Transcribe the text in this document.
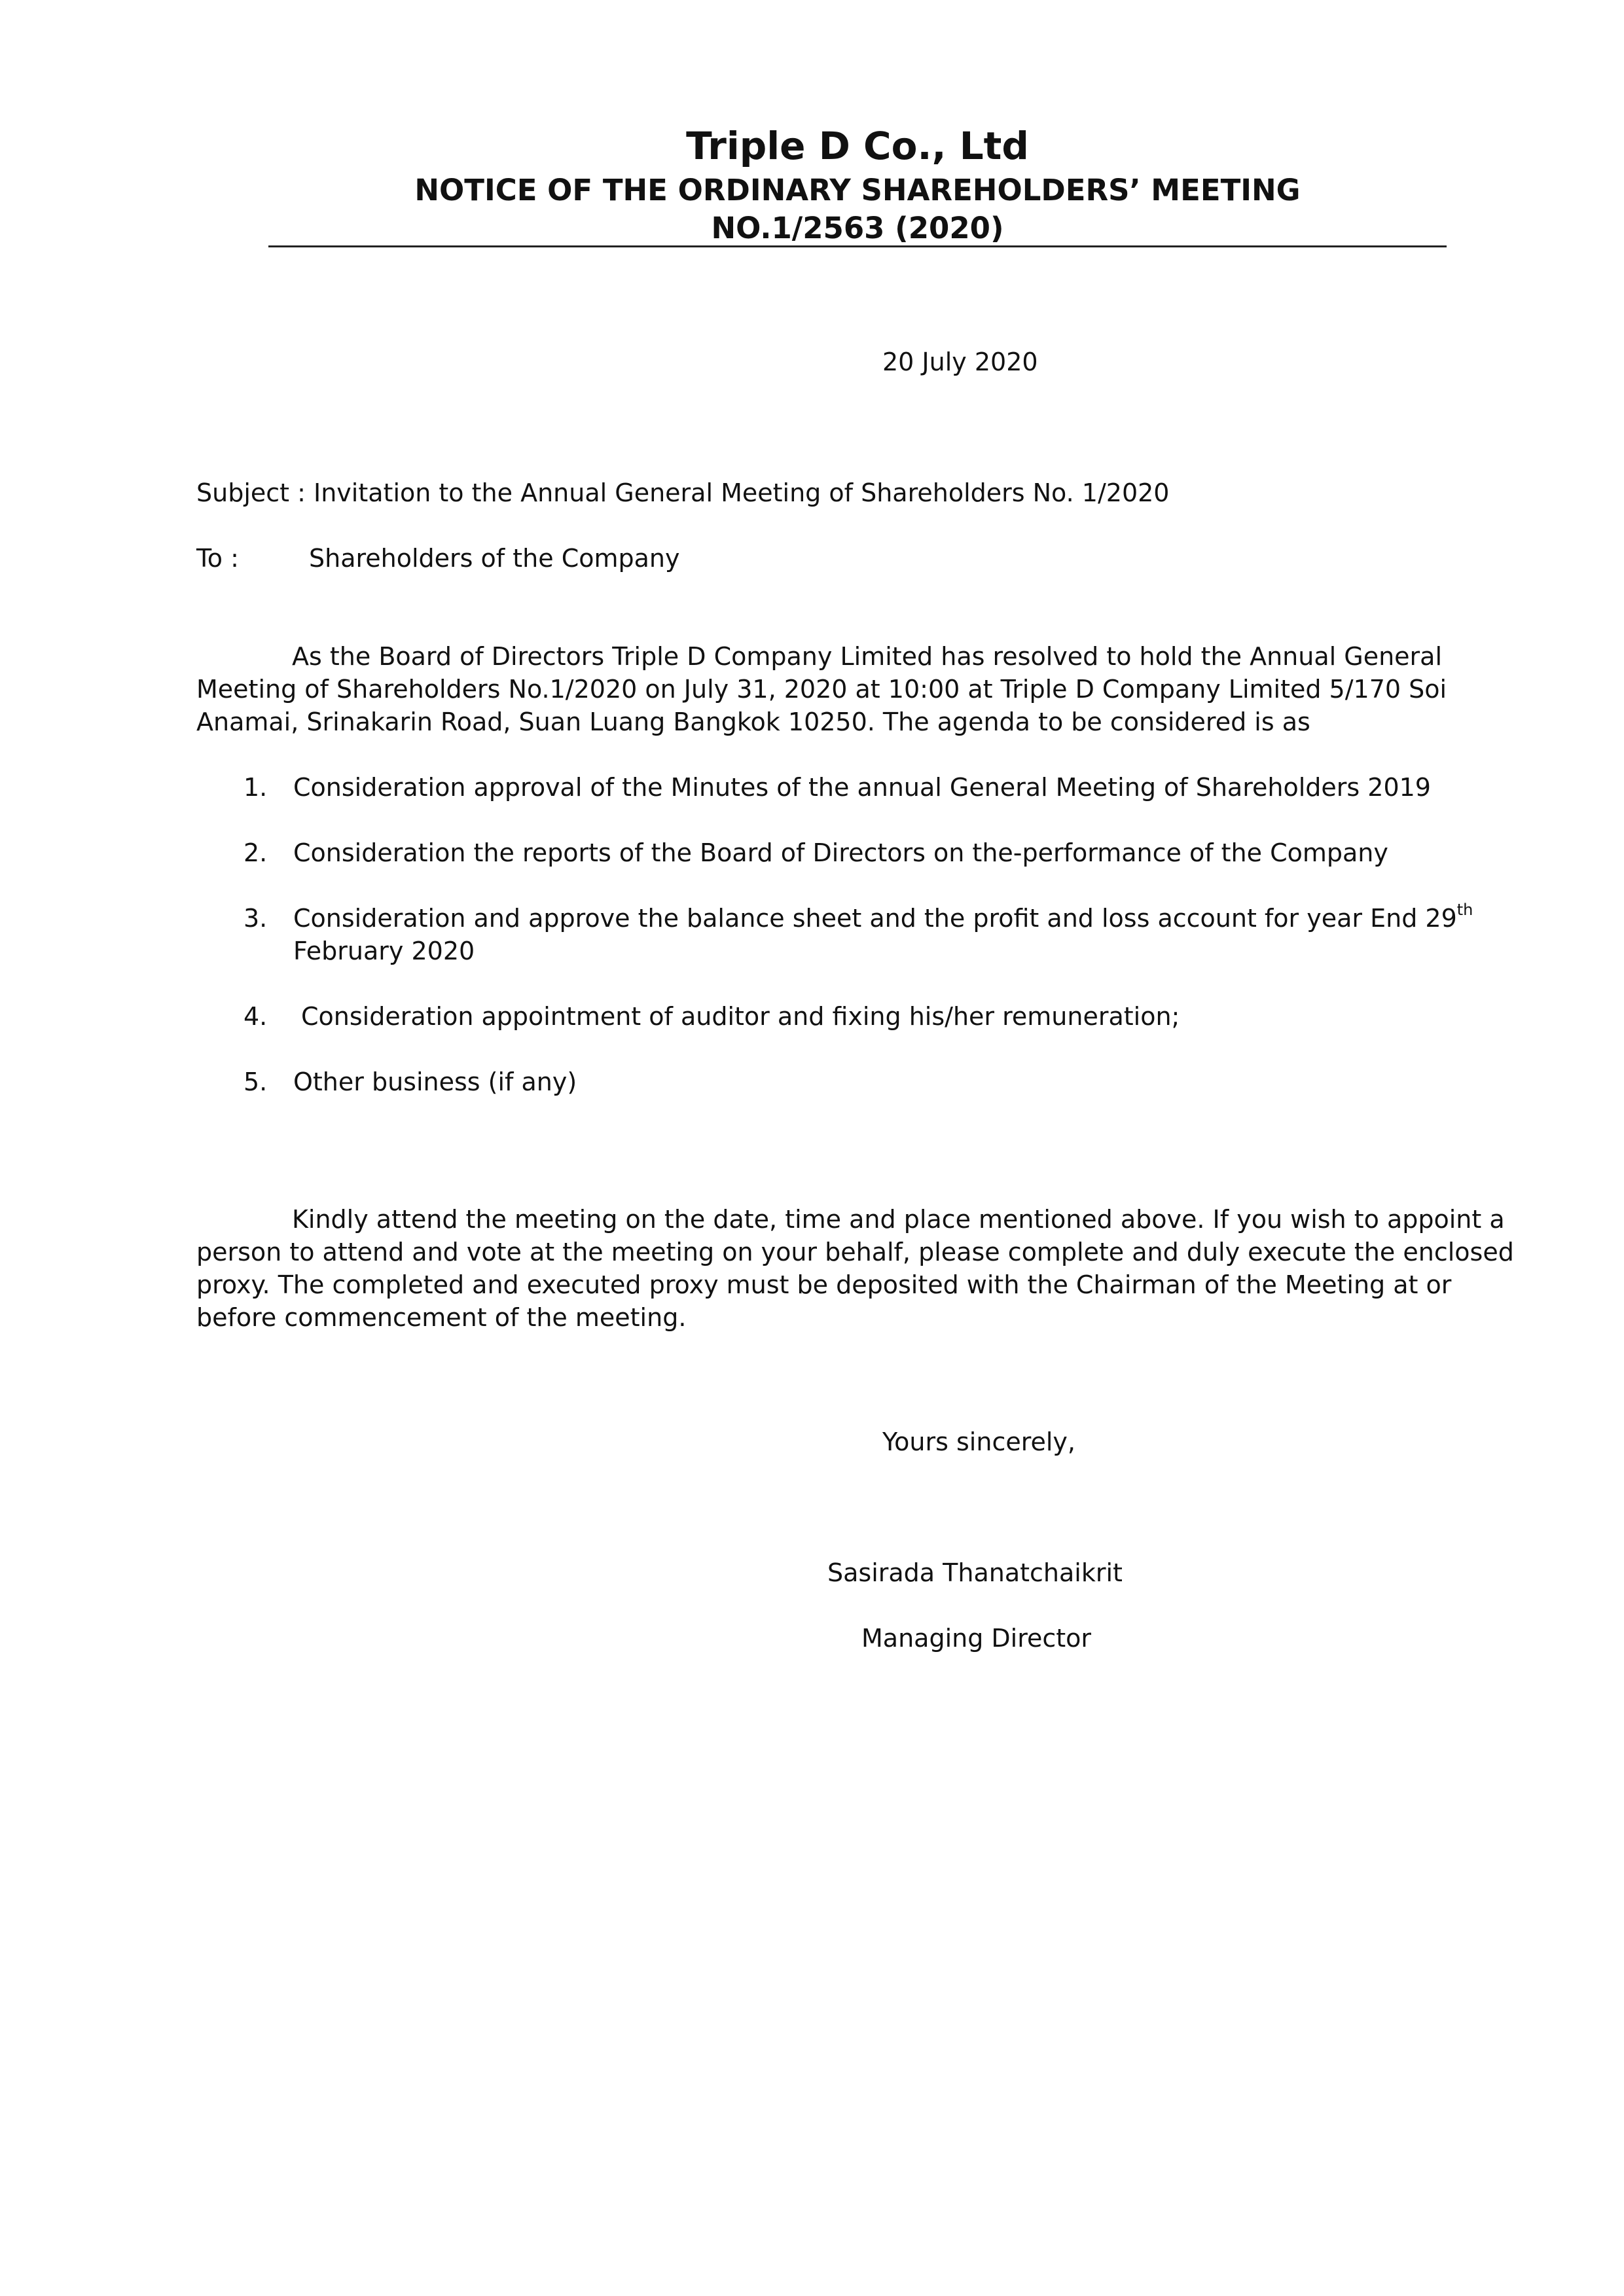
Triple D Co., Ltd
NOTICE OF THE ORDINARY SHAREHOLDERS’ MEETING
NO.1/2563 (2020)
20 July 2020
Subject : Invitation to the Annual General Meeting of Shareholders No. 1/2020
To :	Shareholders of the Company
As the Board of Directors Triple D Company Limited has resolved to hold the Annual General
Meeting of Shareholders No.1/2020 on July 31, 2020 at 10:00 at Triple D Company Limited 5/170 Soi
Anamai, Srinakarin Road, Suan Luang Bangkok 10250. The agenda to be considered is as
1. Consideration approval of the Minutes of the annual General Meeting of Shareholders 2019
2. Consideration the reports of the Board of Directors on the-performance of the Company
3. Consideration and approve the balance sheet and the profit and loss account for year End 29th
February 2020
4. Consideration appointment of auditor and fixing his/her remuneration;
5. Other business (if any)
Kindly attend the meeting on the date, time and place mentioned above. If you wish to appoint a
person to attend and vote at the meeting on your behalf, please complete and duly execute the enclosed
proxy. The completed and executed proxy must be deposited with the Chairman of the Meeting at or
before commencement of the meeting.
Yours sincerely,
Sasirada Thanatchaikrit
Managing Director
